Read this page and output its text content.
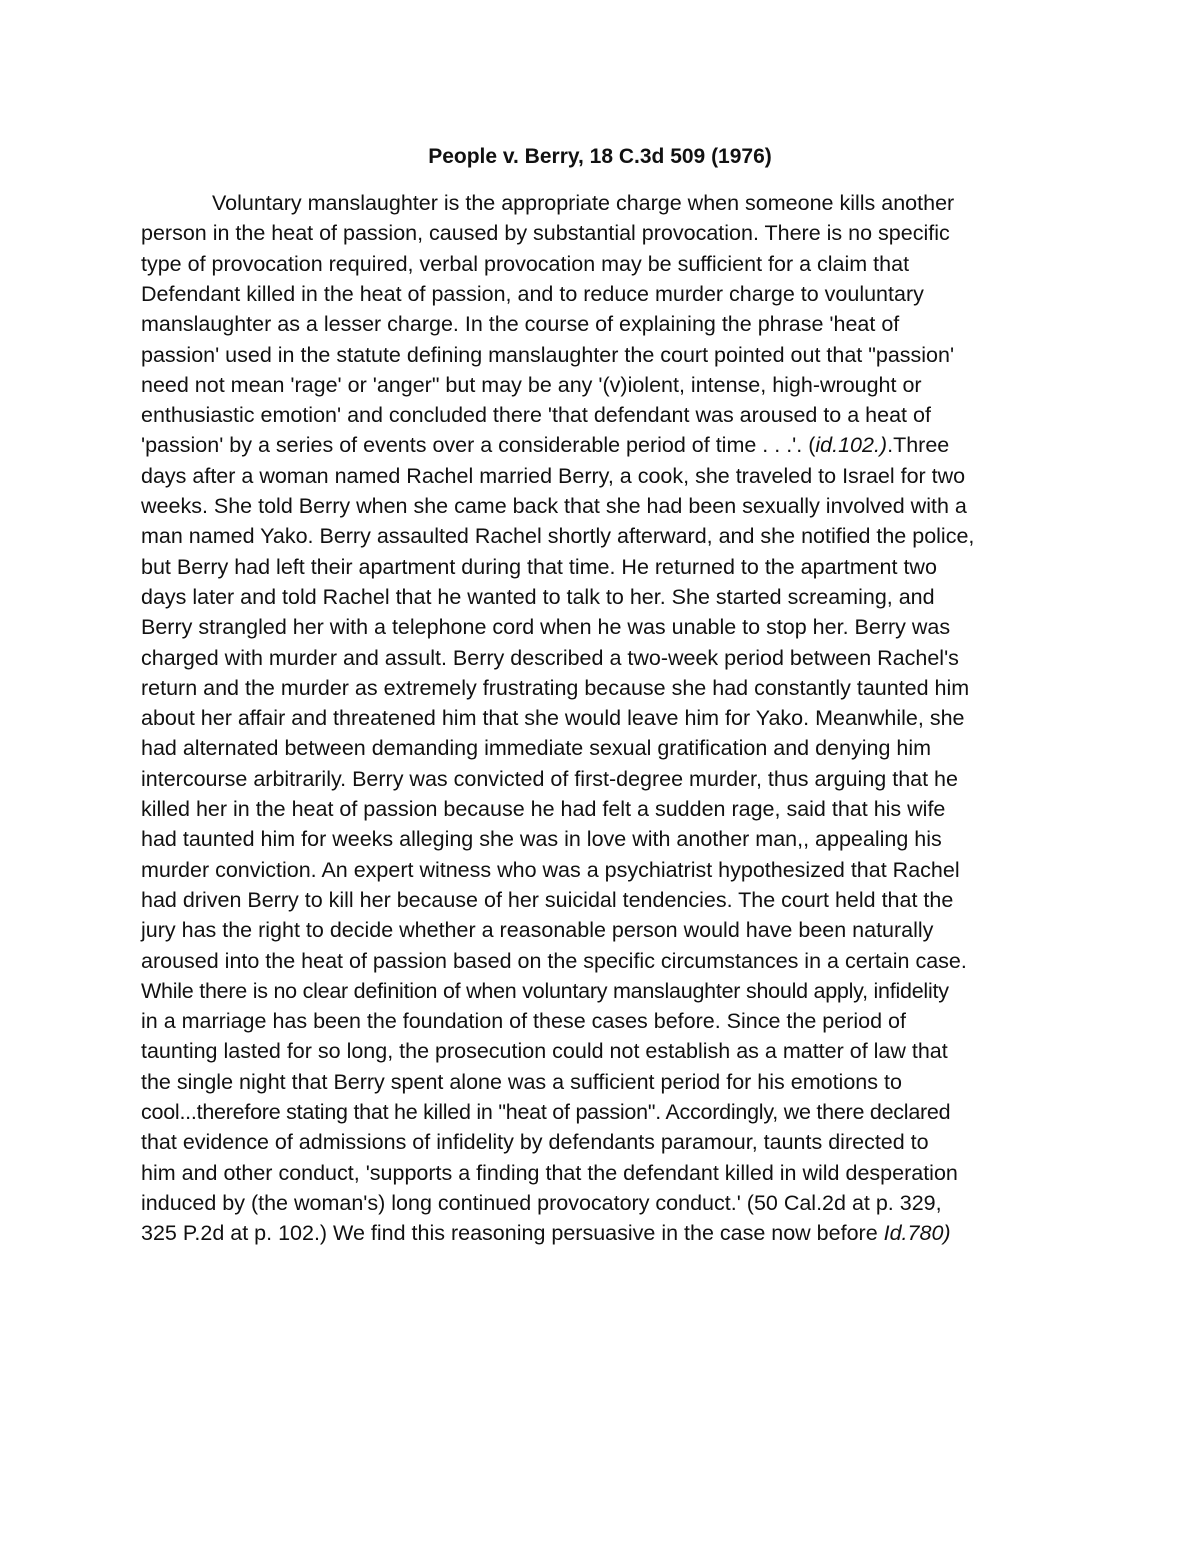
People v. Berry, 18 C.3d 509 (1976)
Voluntary manslaughter is the appropriate charge when someone kills another
person in the heat of passion, caused by substantial provocation. There is no specific
type of provocation required, verbal provocation may be sufficient for a claim that
Defendant killed in the heat of passion, and to reduce murder charge to vouluntary
manslaughter as a lesser charge. In the course of explaining the phrase 'heat of
passion' used in the statute defining manslaughter the court pointed out that "passion'
need not mean 'rage' or 'anger" but may be any '(v)iolent, intense, high-wrought or
enthusiastic emotion' and concluded there 'that defendant was aroused to a heat of
'passion' by a series of events over a considerable period of time . . .'. (id.102.).Three
days after a woman named Rachel married Berry, a cook, she traveled to Israel for two
weeks. She told Berry when she came back that she had been sexually involved with a
man named Yako. Berry assaulted Rachel shortly afterward, and she notified the police,
but Berry had left their apartment during that time. He returned to the apartment two
days later and told Rachel that he wanted to talk to her. She started screaming, and
Berry strangled her with a telephone cord when he was unable to stop her. Berry was
charged with murder and assult. Berry described a two-week period between Rachel's
return and the murder as extremely frustrating because she had constantly taunted him
about her affair and threatened him that she would leave him for Yako. Meanwhile, she
had alternated between demanding immediate sexual gratification and denying him
intercourse arbitrarily. Berry was convicted of first-degree murder, thus arguing that he
killed her in the heat of passion because he had felt a sudden rage, said that his wife
had taunted him for weeks alleging she was in love with another man,, appealing his
murder conviction. An expert witness who was a psychiatrist hypothesized that Rachel
had driven Berry to kill her because of her suicidal tendencies. The court held that the
jury has the right to decide whether a reasonable person would have been naturally
aroused into the heat of passion based on the specific circumstances in a certain case.
While there is no clear definition of when voluntary manslaughter should apply, infidelity
in a marriage has been the foundation of these cases before. Since the period of
taunting lasted for so long, the prosecution could not establish as a matter of law that
the single night that Berry spent alone was a sufficient period for his emotions to
cool...therefore stating that he killed in "heat of passion". Accordingly, we there declared
that evidence of admissions of infidelity by defendants paramour, taunts directed to
him and other conduct, 'supports a finding that the defendant killed in wild desperation
induced by (the woman's) long continued provocatory conduct.' (50 Cal.2d at p. 329,
325 P.2d at p. 102.) We find this reasoning persuasive in the case now before Id.780)
